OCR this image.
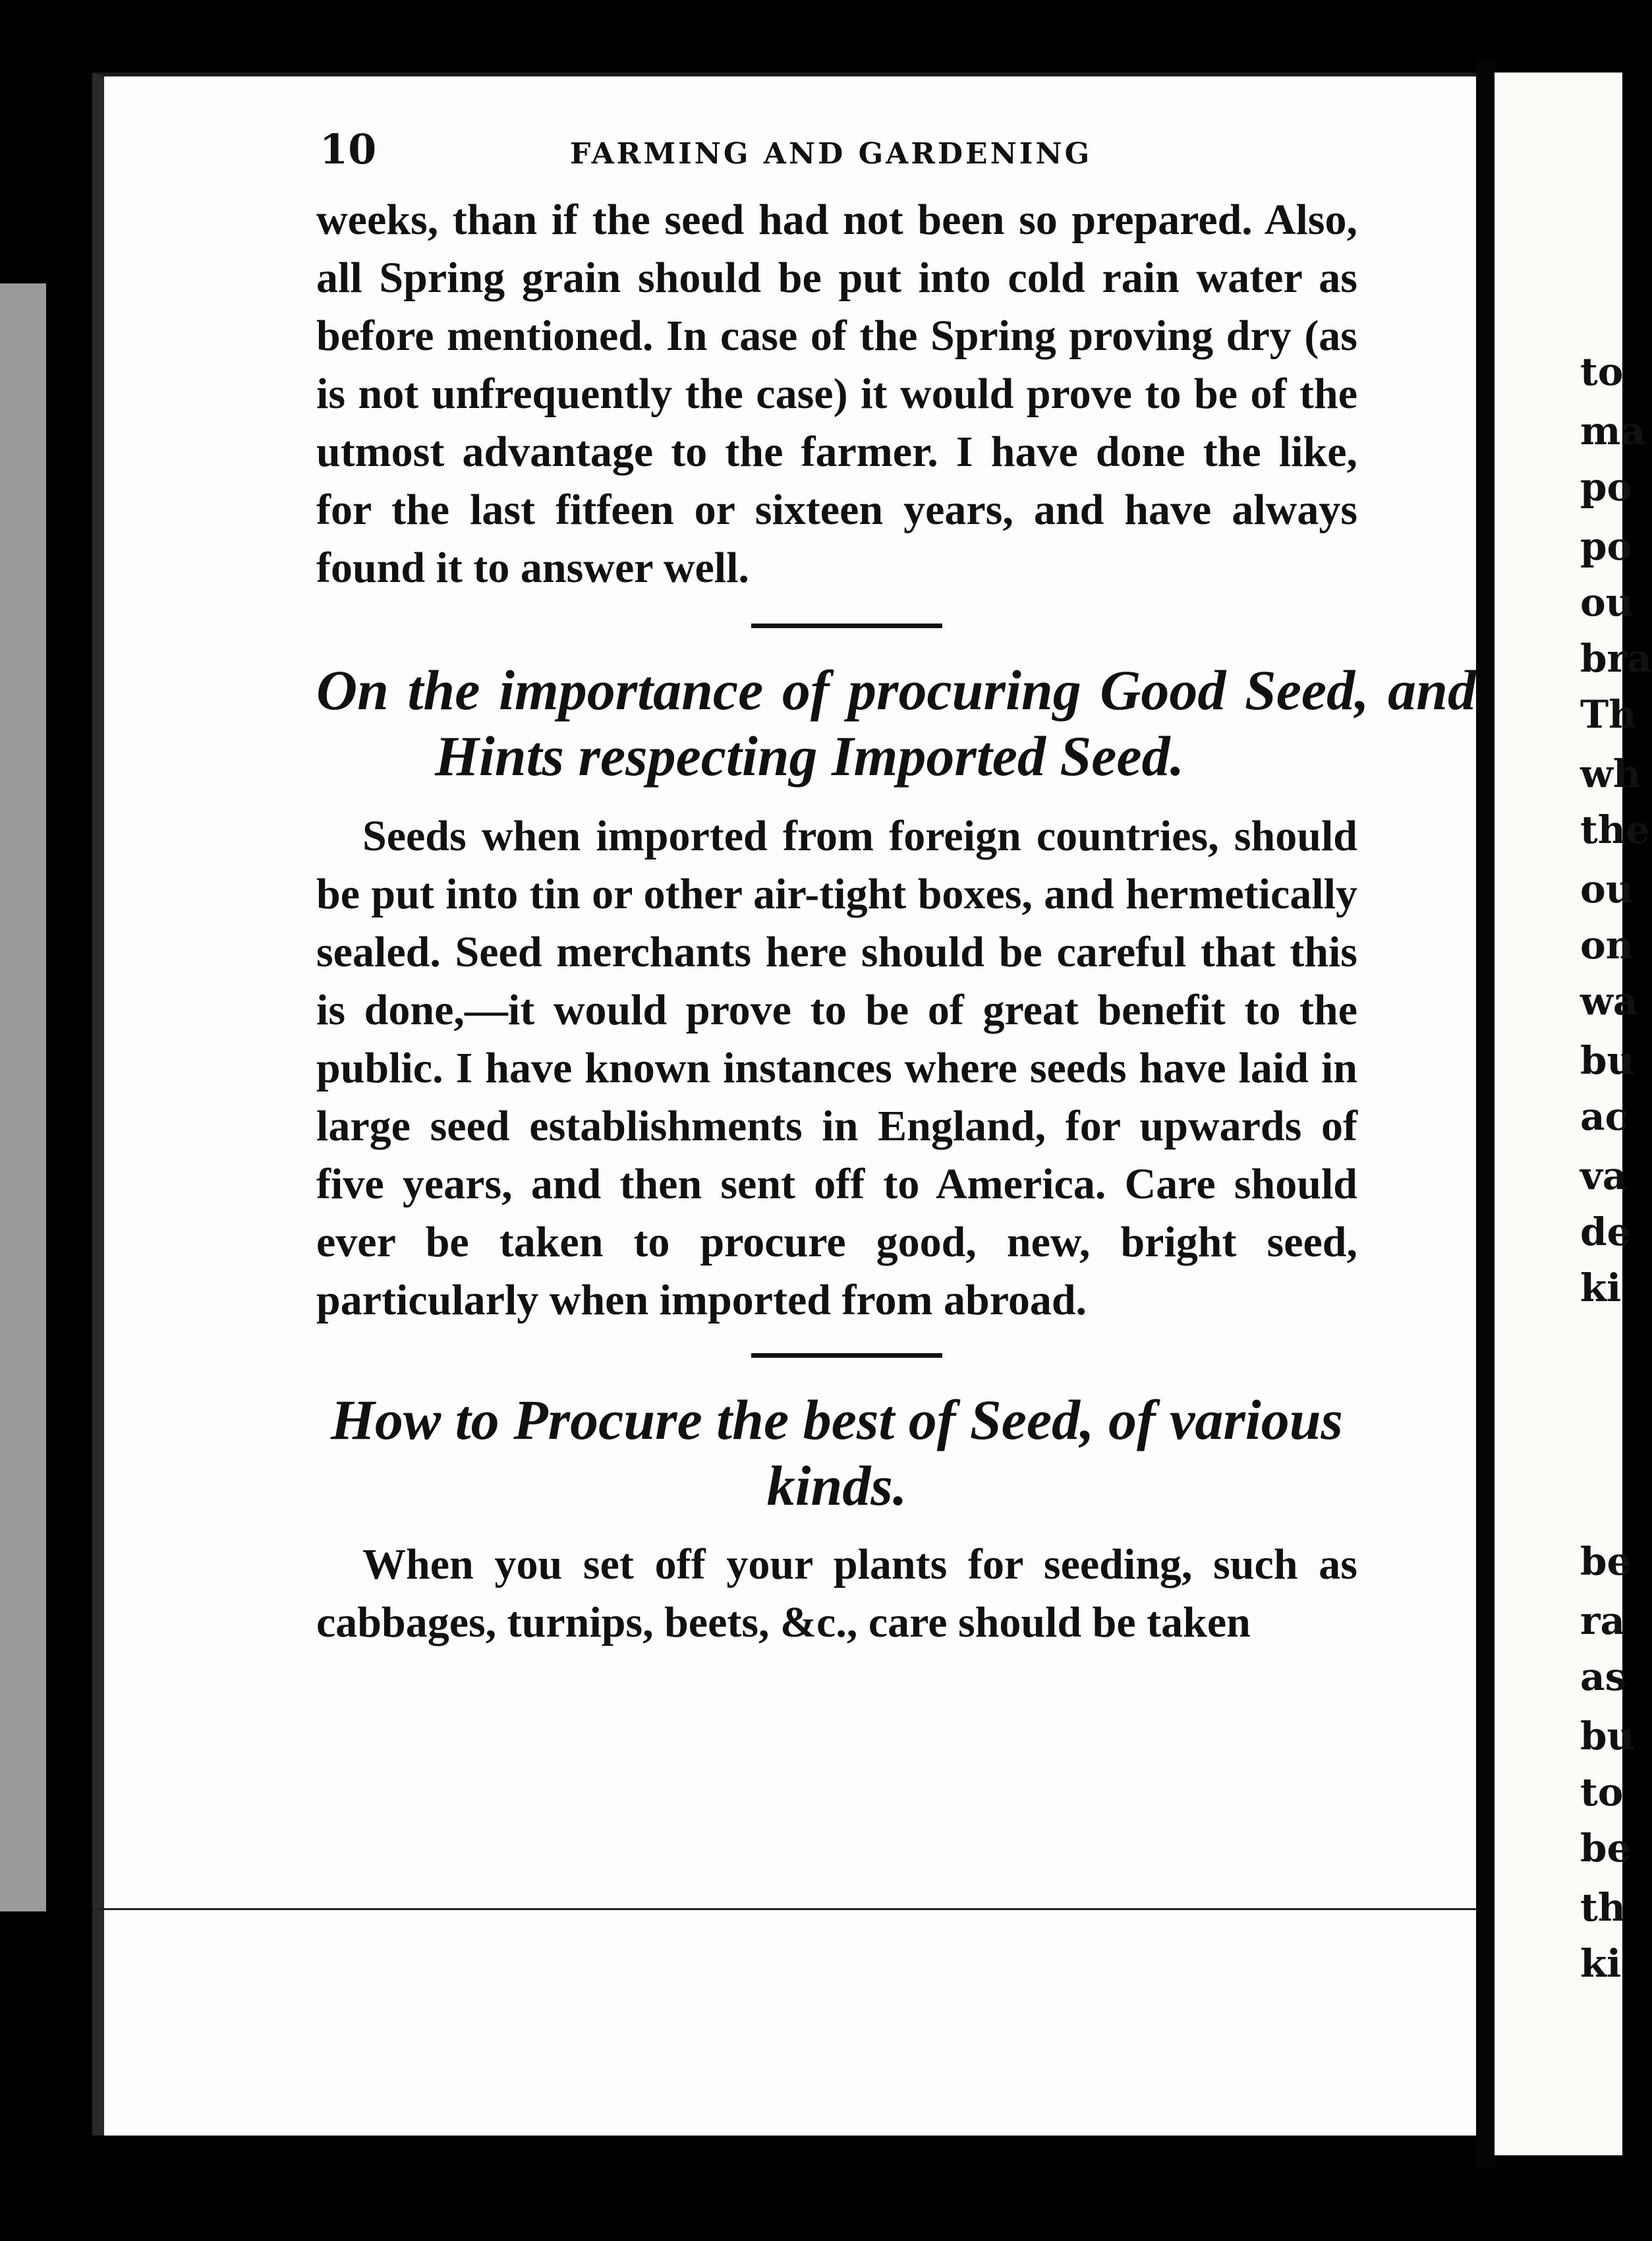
10	FARMING AND GARDENING

weeks, than if the seed had not been so prepared. Also, all Spring grain should be put into cold rain water as before mentioned. In case of the Spring proving dry (as is not unfrequently the case) it would prove to be of the utmost advantage to the farmer. I have done the like, for the last fitfeen or sixteen years, and have always found it to answer well.

On the importance of procuring Good Seed, and Hints respecting Imported Seed.

Seeds when imported from foreign countries, should be put into tin or other air-tight boxes, and hermetically sealed. Seed merchants here should be careful that this is done,—it would prove to be of great benefit to the public. I have known instances where seeds have laid in large seed establishments in England, for upwards of five years, and then sent off to America. Care should ever be taken to procure good, new, bright seed, particularly when imported from abroad.

How to Procure the best of Seed, of various kinds.

When you set off your plants for seeding, such as cabbages, turnips, beets, &c., care should be taken

to
ma
po
po
ou
bra
Th
wh
the
ou
on
wa
bu
ac
va
de
ki
be
ra
as
bu
to
be
th
ki
